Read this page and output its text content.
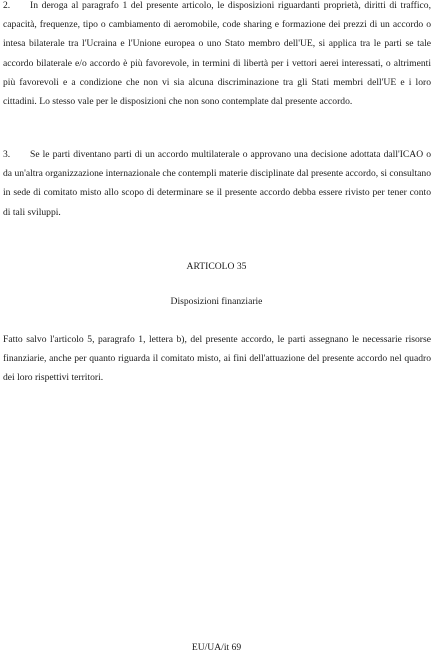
2. In deroga al paragrafo 1 del presente articolo, le disposizioni riguardanti proprietà, diritti di traffico, capacità, frequenze, tipo o cambiamento di aeromobile, code sharing e formazione dei prezzi di un accordo o intesa bilaterale tra l'Ucraina e l'Unione europea o uno Stato membro dell'UE, si applica tra le parti se tale accordo bilaterale e/o accordo è più favorevole, in termini di libertà per i vettori aerei interessati, o altrimenti più favorevoli e a condizione che non vi sia alcuna discriminazione tra gli Stati membri dell'UE e i loro cittadini. Lo stesso vale per le disposizioni che non sono contemplate dal presente accordo.

3. Se le parti diventano parti di un accordo multilaterale o approvano una decisione adottata dall'ICAO o da un'altra organizzazione internazionale che contempli materie disciplinate dal presente accordo, si consultano in sede di comitato misto allo scopo di determinare se il presente accordo debba essere rivisto per tener conto di tali sviluppi.

ARTICOLO 35

Disposizioni finanziarie

Fatto salvo l'articolo 5, paragrafo 1, lettera b), del presente accordo, le parti assegnano le necessarie risorse finanziarie, anche per quanto riguarda il comitato misto, ai fini dell'attuazione del presente accordo nel quadro dei loro rispettivi territori.

EU/UA/it 69
